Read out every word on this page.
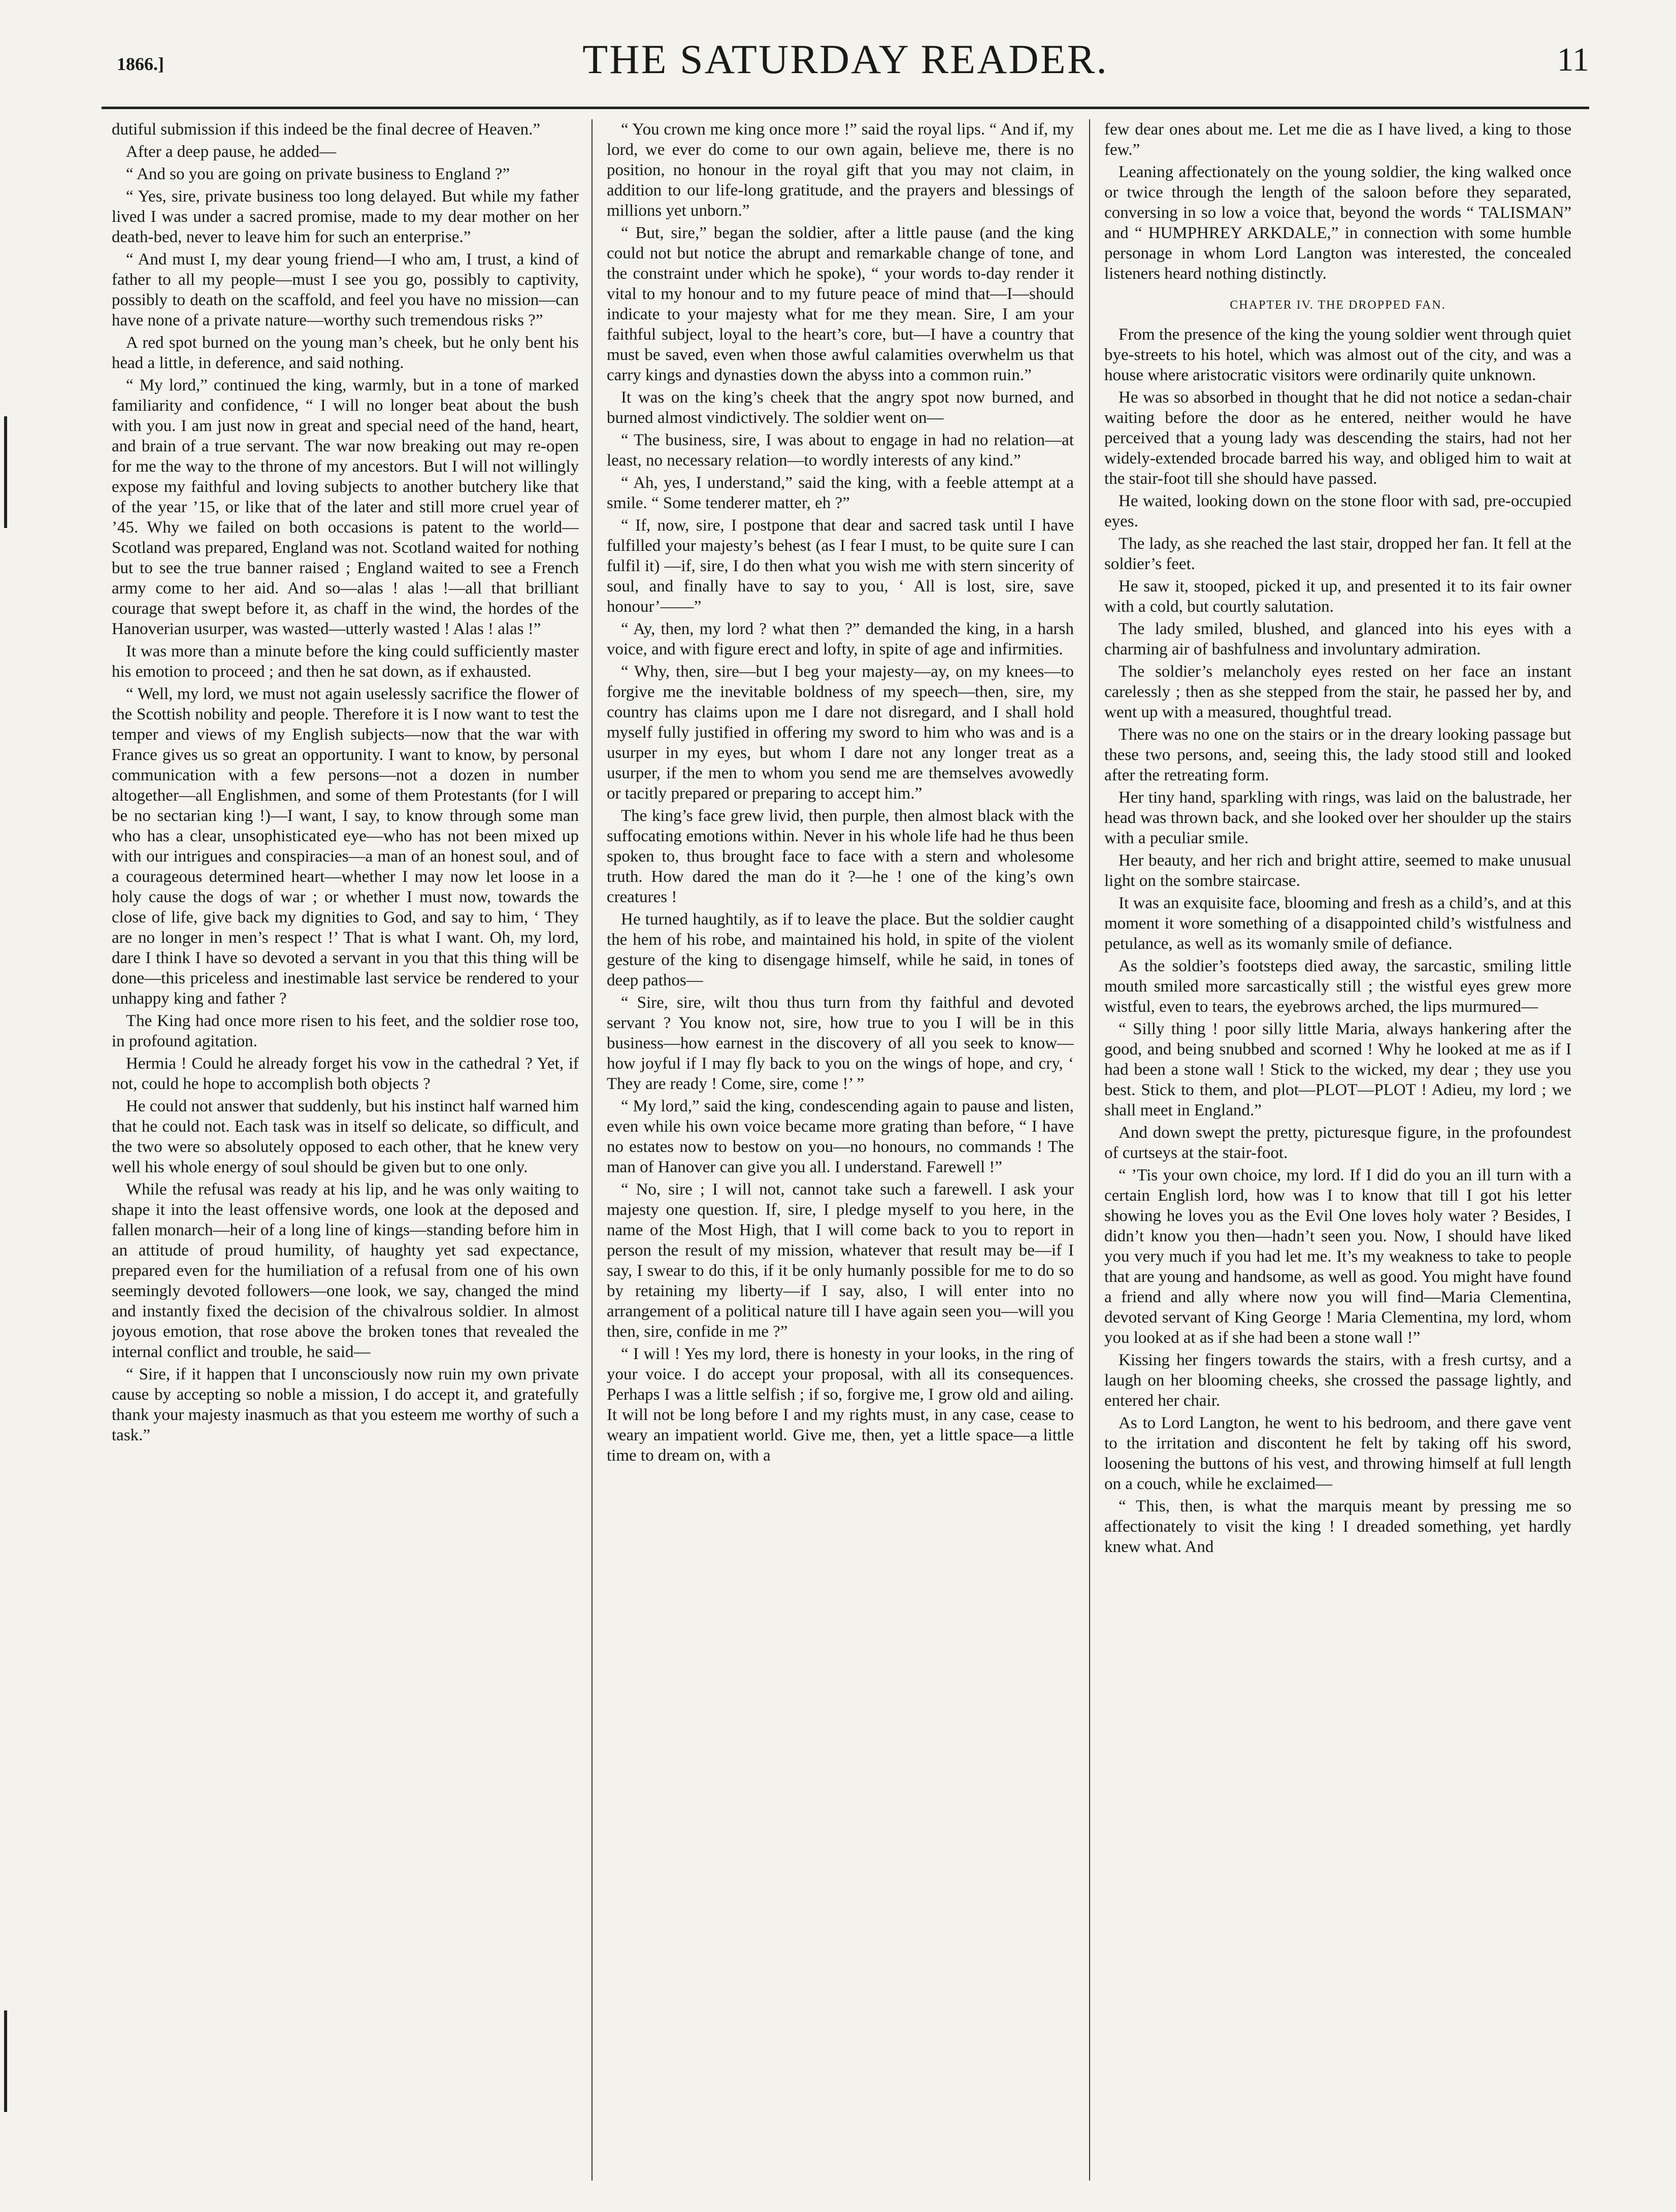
1866.]	THE SATURDAY READER.	11

dutiful submission if this indeed be the final decree of Heaven.”

After a deep pause, he added—

“ And so you are going on private business to England ?”

“ Yes, sire, private business too long delayed. But while my father lived I was under a sacred promise, made to my dear mother on her death-bed, never to leave him for such an enterprise.”

“ And must I, my dear young friend—I who am, I trust, a kind of father to all my people—must I see you go, possibly to captivity, possibly to death on the scaffold, and feel you have no mission—can have none of a private nature—worthy such tremendous risks ?”

A red spot burned on the young man’s cheek, but he only bent his head a little, in deference, and said nothing.

“ My lord,” continued the king, warmly, but in a tone of marked familiarity and confidence, “ I will no longer beat about the bush with you. I am just now in great and special need of the hand, heart, and brain of a true servant. The war now breaking out may re-open for me the way to the throne of my ancestors. But I will not willingly expose my faithful and loving subjects to another butchery like that of the year ’15, or like that of the later and still more cruel year of ’45. Why we failed on both occasions is patent to the world—Scotland was prepared, England was not. Scotland waited for nothing but to see the true banner raised ; England waited to see a French army come to her aid. And so—alas ! alas !—all that brilliant courage that swept before it, as chaff in the wind, the hordes of the Hanoverian usurper, was wasted—utterly wasted ! Alas ! alas !”

It was more than a minute before the king could sufficiently master his emotion to proceed ; and then he sat down, as if exhausted.

“ Well, my lord, we must not again uselessly sacrifice the flower of the Scottish nobility and people. Therefore it is I now want to test the temper and views of my English subjects—now that the war with France gives us so great an opportunity. I want to know, by personal communication with a few persons—not a dozen in number altogether—all Englishmen, and some of them Protestants (for I will be no sectarian king !)—I want, I say, to know through some man who has a clear, unsophisticated eye—who has not been mixed up with our intrigues and conspiracies—a man of an honest soul, and of a courageous determined heart—whether I may now let loose in a holy cause the dogs of war ; or whether I must now, towards the close of life, give back my dignities to God, and say to him, ‘ They are no longer in men’s respect !’ That is what I want. Oh, my lord, dare I think I have so devoted a servant in you that this thing will be done—this priceless and inestimable last service be rendered to your unhappy king and father ?

The King had once more risen to his feet, and the soldier rose too, in profound agitation.

Hermia ! Could he already forget his vow in the cathedral ? Yet, if not, could he hope to accomplish both objects ?

He could not answer that suddenly, but his instinct half warned him that he could not. Each task was in itself so delicate, so difficult, and the two were so absolutely opposed to each other, that he knew very well his whole energy of soul should be given but to one only.

While the refusal was ready at his lip, and he was only waiting to shape it into the least offensive words, one look at the deposed and fallen monarch—heir of a long line of kings—standing before him in an attitude of proud humility, of haughty yet sad expectance, prepared even for the humiliation of a refusal from one of his own seemingly devoted followers—one look, we say, changed the mind and instantly fixed the decision of the chivalrous soldier. In almost joyous emotion, that rose above the broken tones that revealed the internal conflict and trouble, he said—

“ Sire, if it happen that I unconsciously now ruin my own private cause by accepting so noble a mission, I do accept it, and gratefully thank your majesty inasmuch as that you esteem me worthy of such a task.”

“ You crown me king once more !” said the royal lips. “ And if, my lord, we ever do come to our own again, believe me, there is no position, no honour in the royal gift that you may not claim, in addition to our life-long gratitude, and the prayers and blessings of millions yet unborn.”

“ But, sire,” began the soldier, after a little pause (and the king could not but notice the abrupt and remarkable change of tone, and the constraint under which he spoke), “ your words to-day render it vital to my honour and to my future peace of mind that—I—should indicate to your majesty what for me they mean. Sire, I am your faithful subject, loyal to the heart’s core, but—I have a country that must be saved, even when those awful calamities overwhelm us that carry kings and dynasties down the abyss into a common ruin.”

It was on the king’s cheek that the angry spot now burned, and burned almost vindictively. The soldier went on—

“ The business, sire, I was about to engage in had no relation—at least, no necessary relation—to wordly interests of any kind.”

“ Ah, yes, I understand,” said the king, with a feeble attempt at a smile. “ Some tenderer matter, eh ?”

“ If, now, sire, I postpone that dear and sacred task until I have fulfilled your majesty’s behest (as I fear I must, to be quite sure I can fulfil it) —if, sire, I do then what you wish me with stern sincerity of soul, and finally have to say to you, ‘ All is lost, sire, save honour’——”

“ Ay, then, my lord ? what then ?” demanded the king, in a harsh voice, and with figure erect and lofty, in spite of age and infirmities.

“ Why, then, sire—but I beg your majesty—ay, on my knees—to forgive me the inevitable boldness of my speech—then, sire, my country has claims upon me I dare not disregard, and I shall hold myself fully justified in offering my sword to him who was and is a usurper in my eyes, but whom I dare not any longer treat as a usurper, if the men to whom you send me are themselves avowedly or tacitly prepared or preparing to accept him.”

The king’s face grew livid, then purple, then almost black with the suffocating emotions within. Never in his whole life had he thus been spoken to, thus brought face to face with a stern and wholesome truth. How dared the man do it ?—he ! one of the king’s own creatures !

He turned haughtily, as if to leave the place. But the soldier caught the hem of his robe, and maintained his hold, in spite of the violent gesture of the king to disengage himself, while he said, in tones of deep pathos—

“ Sire, sire, wilt thou thus turn from thy faithful and devoted servant ? You know not, sire, how true to you I will be in this business—how earnest in the discovery of all you seek to know—how joyful if I may fly back to you on the wings of hope, and cry, ‘ They are ready ! Come, sire, come !’ ”

“ My lord,” said the king, condescending again to pause and listen, even while his own voice became more grating than before, “ I have no estates now to bestow on you—no honours, no commands ! The man of Hanover can give you all. I understand. Farewell !”

“ No, sire ; I will not, cannot take such a farewell. I ask your majesty one question. If, sire, I pledge myself to you here, in the name of the Most High, that I will come back to you to report in person the result of my mission, whatever that result may be—if I say, I swear to do this, if it be only humanly possible for me to do so by retaining my liberty—if I say, also, I will enter into no arrangement of a political nature till I have again seen you—will you then, sire, confide in me ?”

“ I will ! Yes my lord, there is honesty in your looks, in the ring of your voice. I do accept your proposal, with all its consequences. Perhaps I was a little selfish ; if so, forgive me, I grow old and ailing. It will not be long before I and my rights must, in any case, cease to weary an impatient world. Give me, then, yet a little space—a little time to dream on, with a

few dear ones about me. Let me die as I have lived, a king to those few.”

Leaning affectionately on the young soldier, the king walked once or twice through the length of the saloon before they separated, conversing in so low a voice that, beyond the words “ TALISMAN” and “ HUMPHREY ARKDALE,” in connection with some humble personage in whom Lord Langton was interested, the concealed listeners heard nothing distinctly.

CHAPTER IV. THE DROPPED FAN.

From the presence of the king the young soldier went through quiet bye-streets to his hotel, which was almost out of the city, and was a house where aristocratic visitors were ordinarily quite unknown.

He was so absorbed in thought that he did not notice a sedan-chair waiting before the door as he entered, neither would he have perceived that a young lady was descending the stairs, had not her widely-extended brocade barred his way, and obliged him to wait at the stair-foot till she should have passed.

He waited, looking down on the stone floor with sad, pre-occupied eyes.

The lady, as she reached the last stair, dropped her fan. It fell at the soldier’s feet.

He saw it, stooped, picked it up, and presented it to its fair owner with a cold, but courtly salutation.

The lady smiled, blushed, and glanced into his eyes with a charming air of bashfulness and involuntary admiration.

The soldier’s melancholy eyes rested on her face an instant carelessly ; then as she stepped from the stair, he passed her by, and went up with a measured, thoughtful tread.

There was no one on the stairs or in the dreary looking passage but these two persons, and, seeing this, the lady stood still and looked after the retreating form.

Her tiny hand, sparkling with rings, was laid on the balustrade, her head was thrown back, and she looked over her shoulder up the stairs with a peculiar smile.

Her beauty, and her rich and bright attire, seemed to make unusual light on the sombre staircase.

It was an exquisite face, blooming and fresh as a child’s, and at this moment it wore something of a disappointed child’s wistfulness and petulance, as well as its womanly smile of defiance.

As the soldier’s footsteps died away, the sarcastic, smiling little mouth smiled more sarcastically still ; the wistful eyes grew more wistful, even to tears, the eyebrows arched, the lips murmured—

“ Silly thing ! poor silly little Maria, always hankering after the good, and being snubbed and scorned ! Why he looked at me as if I had been a stone wall ! Stick to the wicked, my dear ; they use you best. Stick to them, and plot—PLOT—PLOT ! Adieu, my lord ; we shall meet in England.”

And down swept the pretty, picturesque figure, in the profoundest of curtseys at the stair-foot.

“ ’Tis your own choice, my lord. If I did do you an ill turn with a certain English lord, how was I to know that till I got his letter showing he loves you as the Evil One loves holy water ? Besides, I didn’t know you then—hadn’t seen you. Now, I should have liked you very much if you had let me. It’s my weakness to take to people that are young and handsome, as well as good. You might have found a friend and ally where now you will find—Maria Clementina, devoted servant of King George ! Maria Clementina, my lord, whom you looked at as if she had been a stone wall !”

Kissing her fingers towards the stairs, with a fresh curtsy, and a laugh on her blooming cheeks, she crossed the passage lightly, and entered her chair.

As to Lord Langton, he went to his bedroom, and there gave vent to the irritation and discontent he felt by taking off his sword, loosening the buttons of his vest, and throwing himself at full length on a couch, while he exclaimed—

“ This, then, is what the marquis meant by pressing me so affectionately to visit the king ! I dreaded something, yet hardly knew what. And
